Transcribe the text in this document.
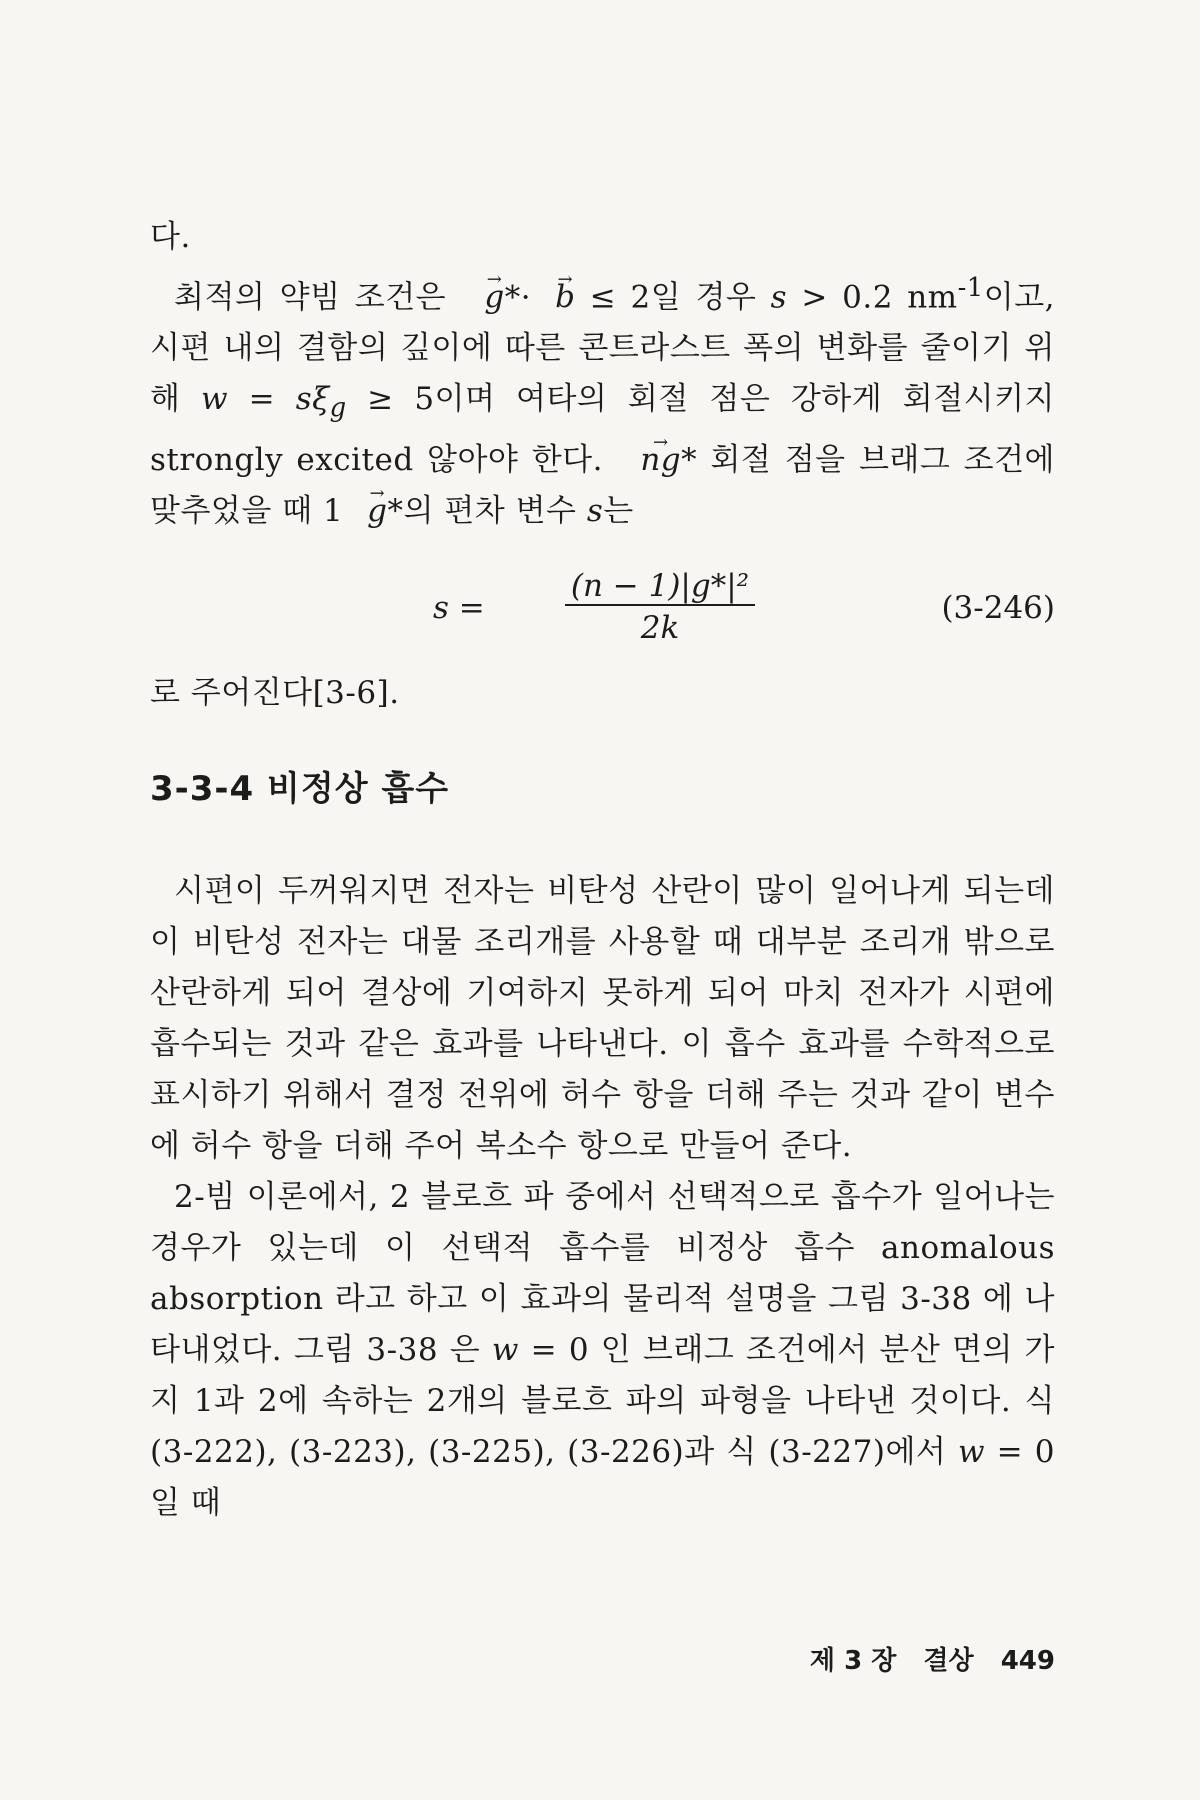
다.

최적의 약빔 조건은 → g*· → b ≤ 2일 경우 s > 0.2 $nm^{-1}$이고, 시편 내의 결함의 깊이에 따른 콘트라스트 폭의 변화를 줄이기 위해 $w = s\xi_g \ge 5$이며 여타의 회절 점은 강하게 회절시키지 strongly excited 않아야 한다. → ng* 회절 점을 브래그 조건에 맞추었을 때 1 → g*의 편차 변수 s는

$s = \frac{\text{(n − 1)|g*|²}}{2k}$	(3-246)

로 주어진다[3-6].

3-3-4 비정상 흡수

시편이 두꺼워지면 전자는 비탄성 산란이 많이 일어나게 되는데 이 비탄성 전자는 대물 조리개를 사용할 때 대부분 조리개 밖으로 산란하게 되어 결상에 기여하지 못하게 되어 마치 전자가 시편에 흡수되는 것과 같은 효과를 나타낸다. 이 흡수 효과를 수학적으로 표시하기 위해서 결정 전위에 허수 항을 더해 주는 것과 같이 변수에 허수 항을 더해 주어 복소수 항으로 만들어 준다.

2-빔 이론에서, 2 블로흐 파 중에서 선택적으로 흡수가 일어나는 경우가 있는데 이 선택적 흡수를 비정상 흡수 anomalous absorption 라고 하고 이 효과의 물리적 설명을 그림 3-38 에 나타내었다. 그림 3-38 은 w = 0 인 브래그 조건에서 분산 면의 가지 1과 2에 속하는 2개의 블로흐 파의 파형을 나타낸 것이다. 식 (3-222), (3-223), (3-225), (3-226)과 식 (3-227)에서 w = 0 일 때

제 3 장 결상 449
